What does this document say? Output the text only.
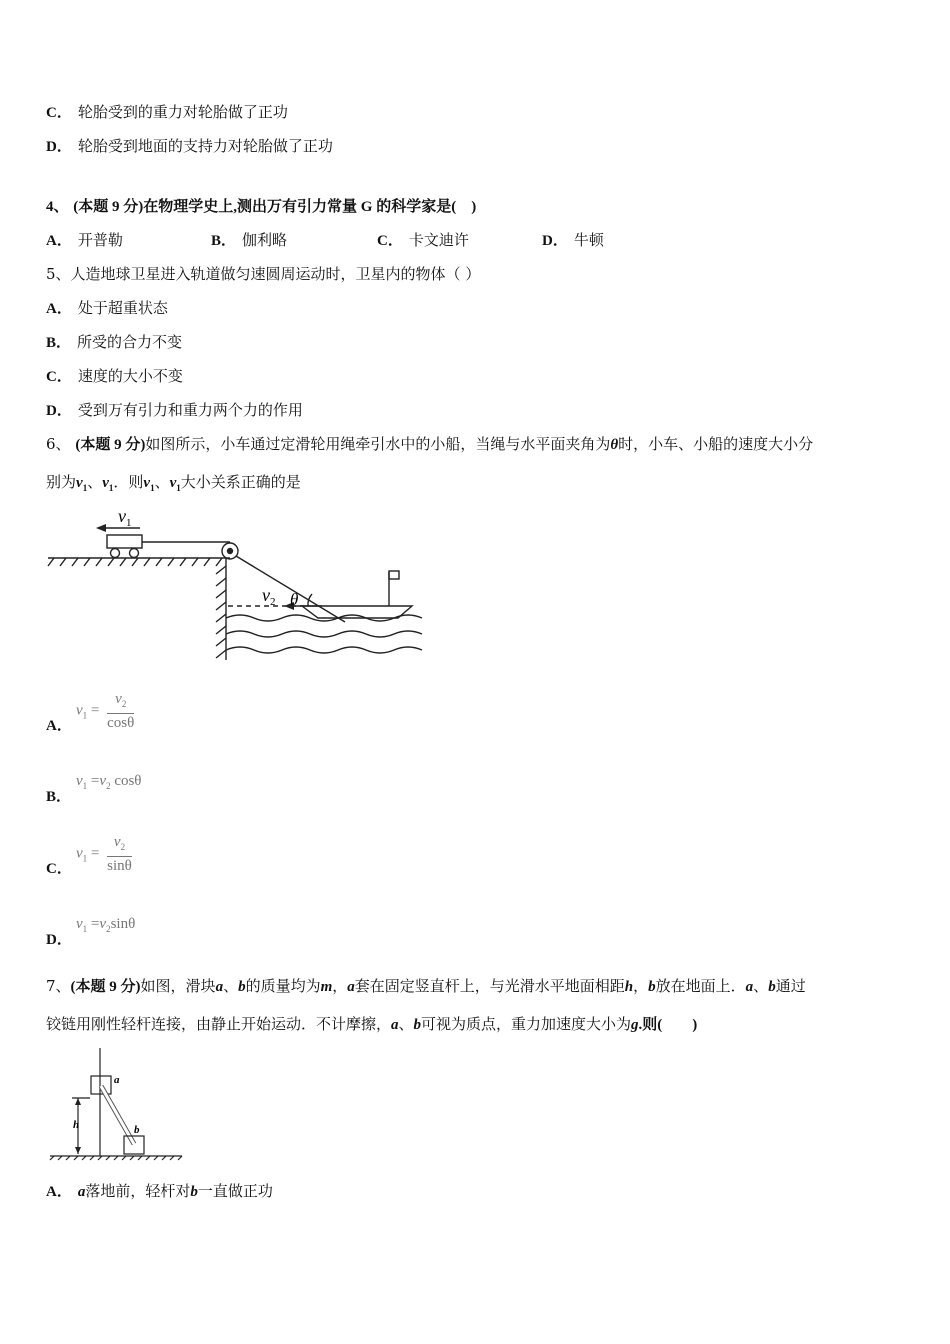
C． 轮胎受到的重力对轮胎做了正功
D． 轮胎受到地面的支持力对轮胎做了正功
4、 (本题 9 分)在物理学史上,测出万有引力常量 G 的科学家是(　)
A． 开普勒	B． 伽利略	C． 卡文迪许	D． 牛顿
5、人造地球卫星进入轨道做匀速圆周运动时，卫星内的物体（ ）
A． 处于超重状态
B． 所受的合力不变
C． 速度的大小不变
D． 受到万有引力和重力两个力的作用
6、 (本题 9 分)如图所示，小车通过定滑轮用绳牵引水中的小船，当绳与水平面夹角为θ时，小车、小船的速度大小分
别为$v_1$、$v_1$．则$v_1$、$v_1$大小关系正确的是
$v_1$
$v_2$ θ
A．
$v_1 = \frac{v_2}{\cos\theta}$
B．
$v_1 =v_2$ cosθ
C．
$v_1 = \frac{v_2}{\sin\theta}$
D．
$v_1 =v_2\sin\theta$
7、(本题 9 分)如图，滑块a、b的质量均为m，a套在固定竖直杆上，与光滑水平地面相距h，b放在地面上．a、b通过
铰链用刚性轻杆连接，由静止开始运动．不计摩擦，a、b可视为质点，重力加速度大小为g.则(　　)
a
b
h
A． a落地前，轻杆对b一直做正功
